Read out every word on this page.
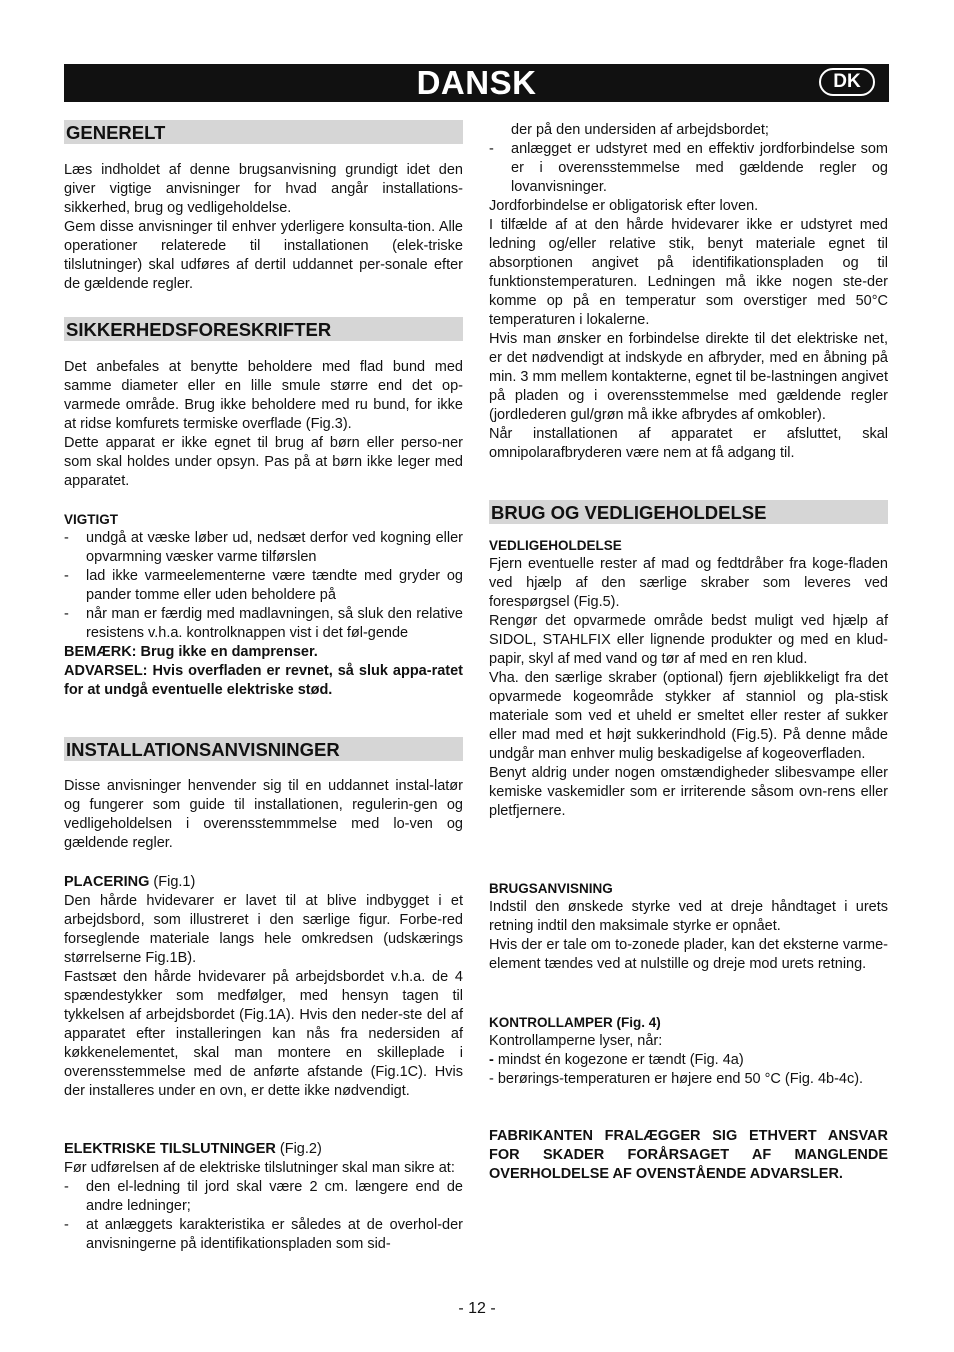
DANSK	DK
GENERELT

Læs indholdet af denne brugsanvisning grundigt idet den giver vigtige anvisninger for hvad angår installations-sikkerhed, brug og vedligeholdelse.

Gem disse anvisninger til enhver yderligere konsulta-tion. Alle operationer relaterede til installationen (elek-triske tilslutninger) skal udføres af dertil uddannet per-sonale efter de gældende regler.

SIKKERHEDSFORESKRIFTER

Det anbefales at benytte beholdere med flad bund med samme diameter eller en lille smule større end det op-varmede område. Brug ikke beholdere med ru bund, for ikke at ridse komfurets termiske overflade (Fig.3).

Dette apparat er ikke egnet til brug af børn eller perso-ner som skal holdes under opsyn. Pas på at børn ikke leger med apparatet.

VIGTIGT

- undgå at væske løber ud, nedsæt derfor ved kogning eller opvarmning væsker varme tilførslen
- lad ikke varmeelementerne være tændte med gryder og pander tomme eller uden beholdere på
- når man er færdig med madlavningen, så sluk den relative resistens v.h.a. kontrolknappen vist i det føl-gende

BEMÆRK: Brug ikke en damprenser.

ADVARSEL: Hvis overfladen er revnet, så sluk appa-ratet for at undgå eventuelle elektriske stød.

INSTALLATIONSANVISNINGER

Disse anvisninger henvender sig til en uddannet instal-latør og fungerer som guide til installationen, regulerin-gen og vedligeholdelsen i overensstemmmelse med lo-ven og gældende regler.

PLACERING (Fig.1)

Den hårde hvidevarer er lavet til at blive indbygget i et arbejdsbord, som illustreret i den særlige figur. Forbe-red forseglende materiale langs hele omkredsen (udskærings størrelserne Fig.1B).

Fastsæt den hårde hvidevarer på arbejdsbordet v.h.a. de 4 spændestykker som medfølger, med hensyn tagen til tykkelsen af arbejdsbordet (Fig.1A). Hvis den neder-ste del af apparatet efter installeringen kan nås fra nedersiden af køkkenelementet, skal man montere en skilleplade i overensstemmelse med de anførte afstande (Fig.1C). Hvis der installeres under en ovn, er dette ikke nødvendigt.

ELEKTRISKE TILSLUTNINGER (Fig.2)

Før udførelsen af de elektriske tilslutninger skal man sikre at:

- den el-ledning til jord skal være 2 cm. længere end de andre ledninger;
- at anlæggets karakteristika er således at de overhol-der anvisningerne på identifikationspladen som sid-

der på den undersiden af arbejdsbordet;

- anlægget er udstyret med en effektiv jordforbindelse som er i overensstemmelse med gældende regler og lovanvisninger.

Jordforbindelse er obligatorisk efter loven.

I tilfælde af at den hårde hvidevarer ikke er udstyret med ledning og/eller relative stik, benyt materiale egnet til absorptionen angivet på identifikationspladen og til funktionstemperaturen. Ledningen må ikke nogen ste-der komme op på en temperatur som overstiger med 50°C temperaturen i lokalerne.

Hvis man ønsker en forbindelse direkte til det elektriske net, er det nødvendigt at indskyde en afbryder, med en åbning på min. 3 mm mellem kontakterne, egnet til be-lastningen angivet på pladen og i overensstemmelse med gældende regler (jordlederen gul/grøn må ikke afbrydes af omkobler).

Når installationen af apparatet er afsluttet, skal omnipolarafbryderen være nem at få adgang til.

BRUG OG VEDLIGEHOLDELSE

VEDLIGEHOLDELSE

Fjern eventuelle rester af mad og fedtdråber fra koge-fladen ved hjælp af den særlige skraber som leveres ved forespørgsel (Fig.5).

Rengør det opvarmede område bedst muligt ved hjælp af SIDOL, STAHLFIX eller lignende produkter og med en klud-papir, skyl af med vand og tør af med en ren klud.

Vha. den særlige skraber (optional) fjern øjeblikkeligt fra det opvarmede kogeområde stykker af stanniol og pla-stisk materiale som ved et uheld er smeltet eller rester af sukker eller mad med et højt sukkerindhold (Fig.5). På denne måde undgår man enhver mulig beskadigelse af kogeoverfladen.

Benyt aldrig under nogen omstændigheder slibesvampe eller kemiske vaskemidler som er irriterende såsom ovn-rens eller pletfjernere.

BRUGSANVISNING

Indstil den ønskede styrke ved at dreje håndtaget i urets retning indtil den maksimale styrke er opnået.

Hvis der er tale om to-zonede plader, kan det eksterne varme-element tændes ved at nulstille og dreje mod urets retning.

KONTROLLAMPER (Fig. 4)

Kontrollamperne lyser, når:

- mindst én kogezone er tændt (Fig. 4a)

- berørings-temperaturen er højere end 50 °C (Fig. 4b-4c).

FABRIKANTEN FRALÆGGER SIG ETHVERT ANSVAR FOR SKADER FORÅRSAGET AF MANGLENDE OVERHOLDELSE AF OVENSTÅENDE ADVARSLER.

- 12 -
